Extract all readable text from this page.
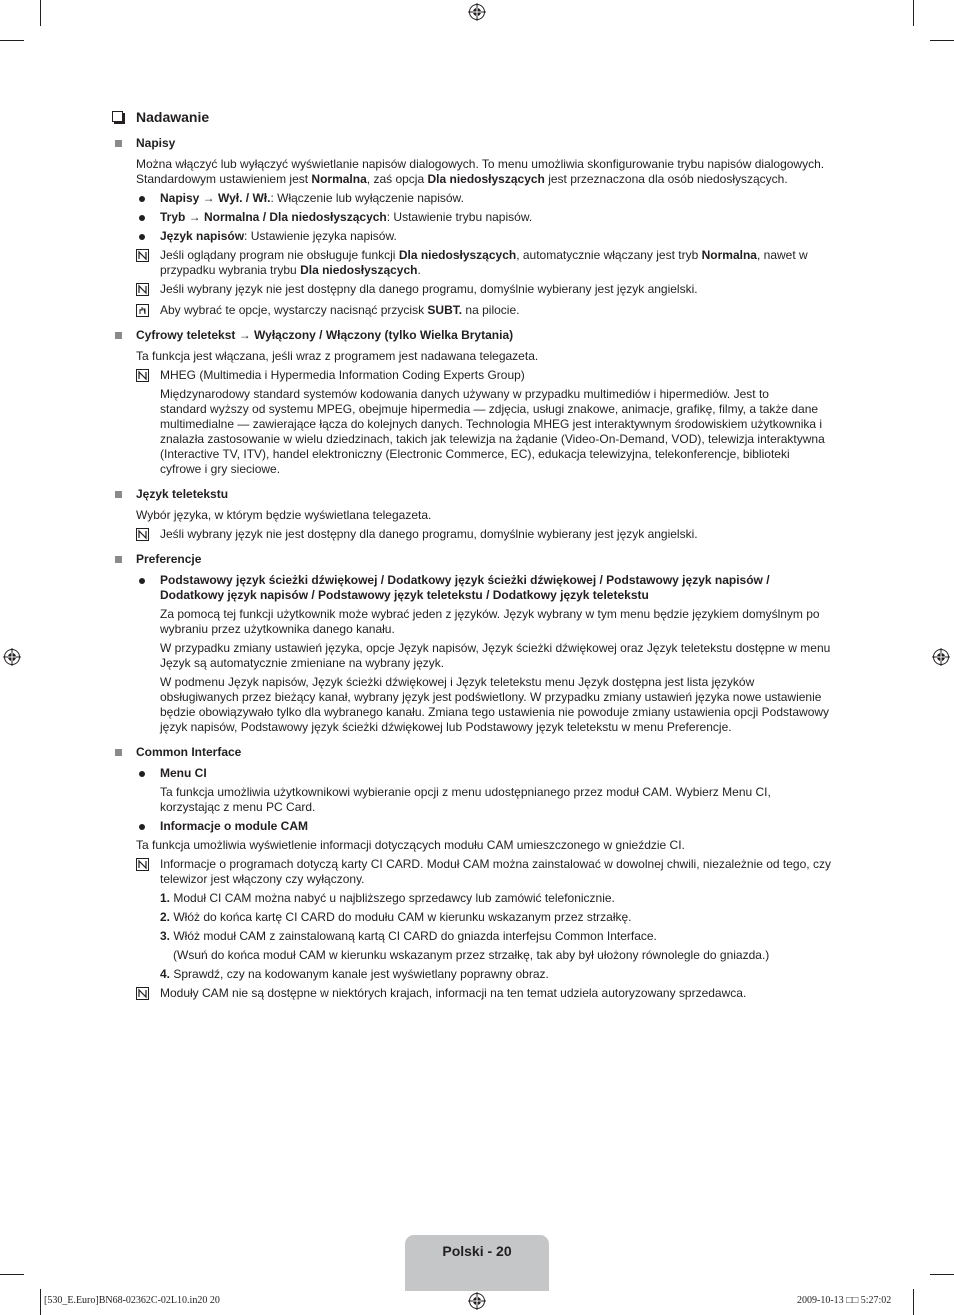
Nadawanie
Napisy
Można włączyć lub wyłączyć wyświetlanie napisów dialogowych. To menu umożliwia skonfigurowanie trybu napisów dialogowych.
Standardowym ustawieniem jest Normalna, zaś opcja Dla niedosłyszących jest przeznaczona dla osób niedosłyszących.
Napisy → Wył. / Wł.: Włączenie lub wyłączenie napisów.
Tryb → Normalna / Dla niedosłyszących: Ustawienie trybu napisów.
Język napisów: Ustawienie języka napisów.
Jeśli oglądany program nie obsługuje funkcji Dla niedosłyszących, automatycznie włączany jest tryb Normalna, nawet w
przypadku wybrania trybu Dla niedosłyszących.
Jeśli wybrany język nie jest dostępny dla danego programu, domyślnie wybierany jest język angielski.
Aby wybrać te opcje, wystarczy nacisnąć przycisk SUBT. na pilocie.
Cyfrowy teletekst → Wyłączony / Włączony (tylko Wielka Brytania)
Ta funkcja jest włączana, jeśli wraz z programem jest nadawana telegazeta.
MHEG (Multimedia i Hypermedia Information Coding Experts Group)
Międzynarodowy standard systemów kodowania danych używany w przypadku multimediów i hipermediów. Jest to
standard wyższy od systemu MPEG, obejmuje hipermedia — zdjęcia, usługi znakowe, animacje, grafikę, filmy, a także dane
multimedialne — zawierające łącza do kolejnych danych. Technologia MHEG jest interaktywnym środowiskiem użytkownika i
znalazła zastosowanie w wielu dziedzinach, takich jak telewizja na żądanie (Video-On-Demand, VOD), telewizja interaktywna
(Interactive TV, ITV), handel elektroniczny (Electronic Commerce, EC), edukacja telewizyjna, telekonferencje, biblioteki
cyfrowe i gry sieciowe.
Język teletekstu
Wybór języka, w którym będzie wyświetlana telegazeta.
Jeśli wybrany język nie jest dostępny dla danego programu, domyślnie wybierany jest język angielski.
Preferencje
Podstawowy język ścieżki dźwiękowej / Dodatkowy język ścieżki dźwiękowej / Podstawowy język napisów /
Dodatkowy język napisów / Podstawowy język teletekstu / Dodatkowy język teletekstu
Za pomocą tej funkcji użytkownik może wybrać jeden z języków. Język wybrany w tym menu będzie językiem domyślnym po
wybraniu przez użytkownika danego kanału.
W przypadku zmiany ustawień języka, opcje Język napisów, Język ścieżki dźwiękowej oraz Język teletekstu dostępne w menu
Język są automatycznie zmieniane na wybrany język.
W podmenu Język napisów, Język ścieżki dźwiękowej i Język teletekstu menu Język dostępna jest lista języków
obsługiwanych przez bieżący kanał, wybrany język jest podświetlony. W przypadku zmiany ustawień języka nowe ustawienie
będzie obowiązywało tylko dla wybranego kanału. Zmiana tego ustawienia nie powoduje zmiany ustawienia opcji Podstawowy
język napisów, Podstawowy język ścieżki dźwiękowej lub Podstawowy język teletekstu w menu Preferencje.
Common Interface
Menu CI
Ta funkcja umożliwia użytkownikowi wybieranie opcji z menu udostępnianego przez moduł CAM. Wybierz Menu CI,
korzystając z menu PC Card.
Informacje o module CAM
Ta funkcja umożliwia wyświetlenie informacji dotyczących modułu CAM umieszczonego w gnieździe CI.
Informacje o programach dotyczą karty CI CARD. Moduł CAM można zainstalować w dowolnej chwili, niezależnie od tego, czy
telewizor jest włączony czy wyłączony.
1. Moduł CI CAM można nabyć u najbliższego sprzedawcy lub zamówić telefonicznie.
2. Włóż do końca kartę CI CARD do modułu CAM w kierunku wskazanym przez strzałkę.
3. Włóż moduł CAM z zainstalowaną kartą CI CARD do gniazda interfejsu Common Interface.
(Wsuń do końca moduł CAM w kierunku wskazanym przez strzałkę, tak aby był ułożony równolegle do gniazda.)
4. Sprawdź, czy na kodowanym kanale jest wyświetlany poprawny obraz.
Moduły CAM nie są dostępne w niektórych krajach, informacji na ten temat udziela autoryzowany sprzedawca.
Polski - 20
[530_E.Euro]BN68-02362C-02L10.in20 20	2009-10-13 □□ 5:27:02
